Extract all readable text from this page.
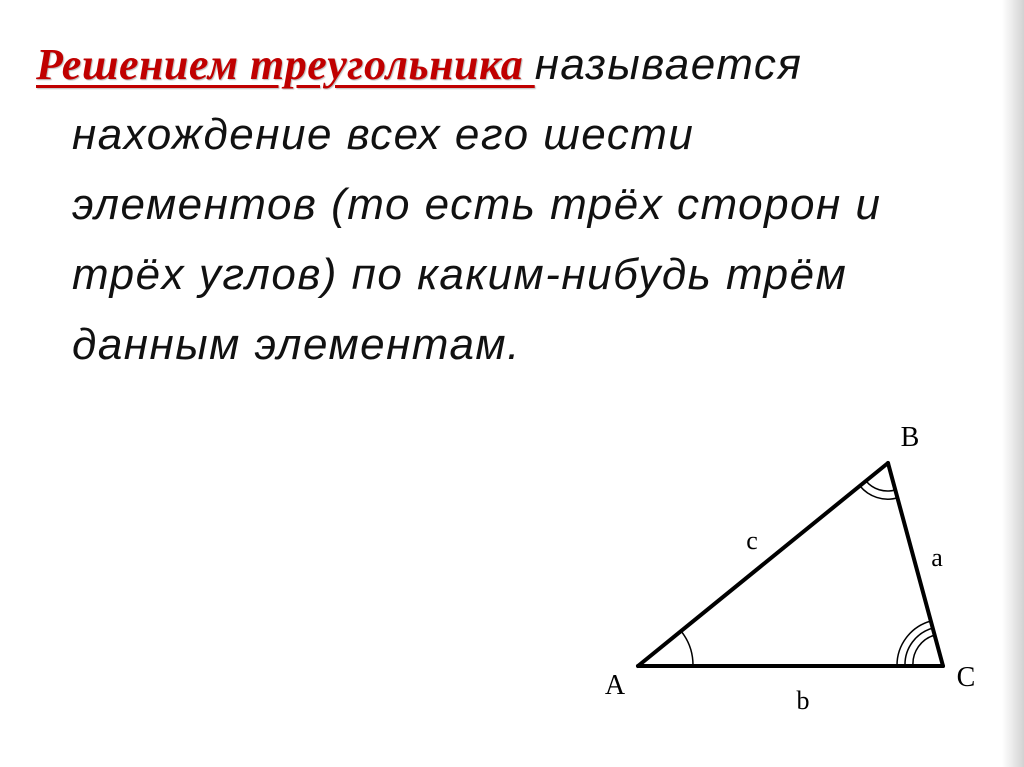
Решением треугольника называется
нахождение всех его шести
элементов (то есть трёх сторон и
трёх углов) по каким-нибудь трём
данным элементам.
B
A	C
c
a
b
